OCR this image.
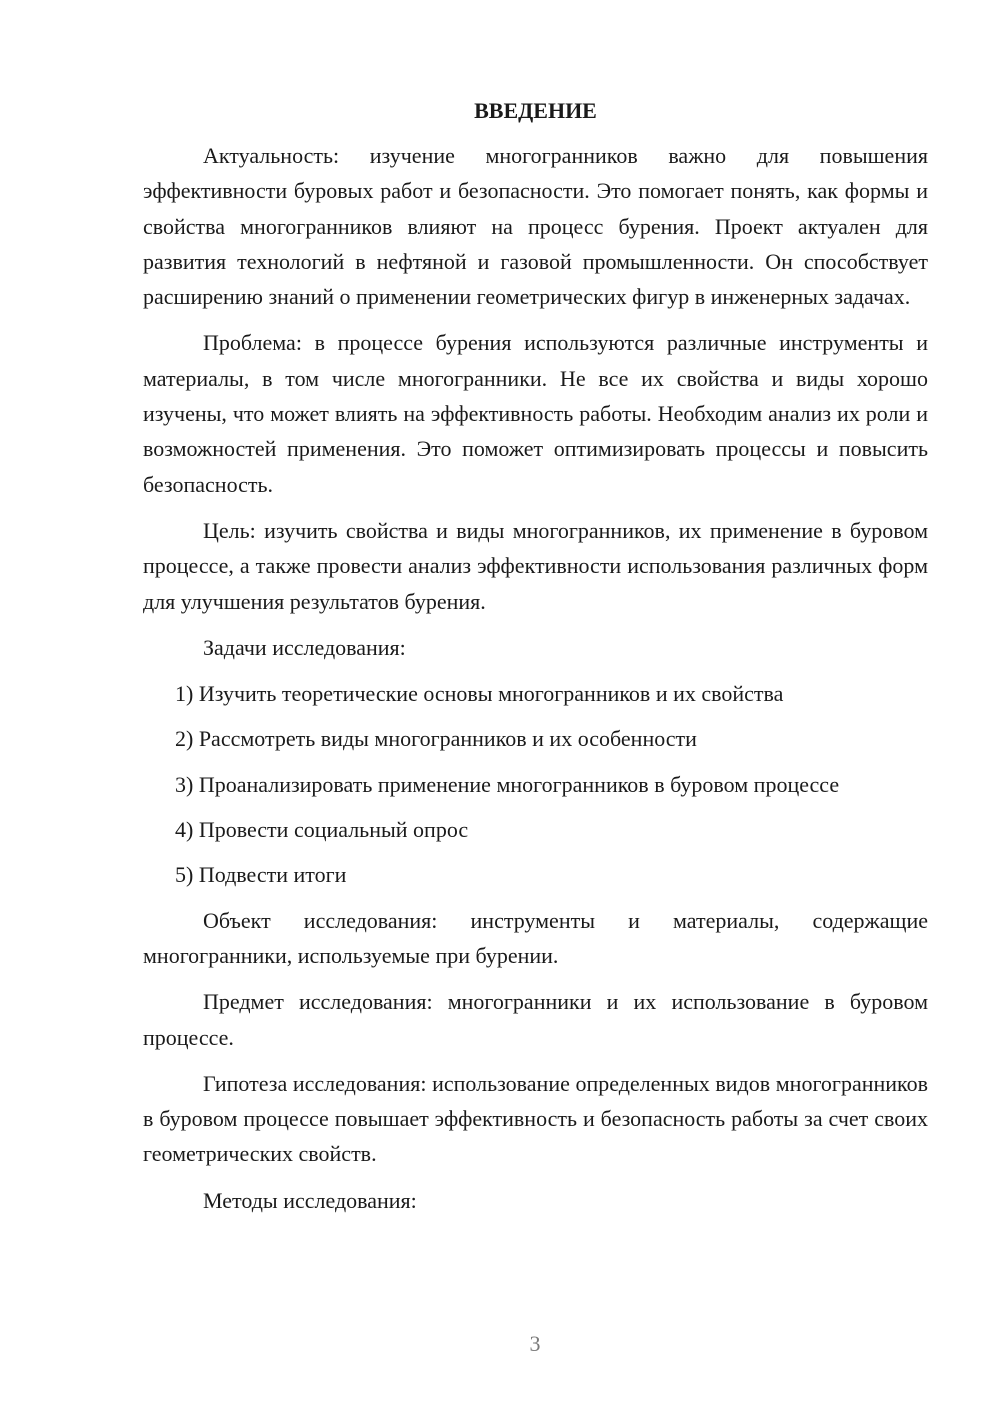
ВВЕДЕНИЕ

Актуальность: изучение многогранников важно для повышения эффективности буровых работ и безопасности. Это помогает понять, как формы и свойства многогранников влияют на процесс бурения. Проект актуален для развития технологий в нефтяной и газовой промышленности. Он способствует расширению знаний о применении геометрических фигур в инженерных задачах.

Проблема: в процессе бурения используются различные инструменты и материалы, в том числе многогранники. Не все их свойства и виды хорошо изучены, что может влиять на эффективность работы. Необходим анализ их роли и возможностей применения. Это поможет оптимизировать процессы и повысить безопасность.

Цель: изучить свойства и виды многогранников, их применение в буровом процессе, а также провести анализ эффективности использования различных форм для улучшения результатов бурения.

Задачи исследования:

1) Изучить теоретические основы многогранников и их свойства

2) Рассмотреть виды многогранников и их особенности

3) Проанализировать применение многогранников в буровом процессе

4) Провести социальный опрос

5) Подвести итоги

Объект исследования: инструменты и материалы, содержащие многогранники, используемые при бурении.

Предмет исследования: многогранники и их использование в буровом процессе.

Гипотеза исследования: использование определенных видов многогранников в буровом процессе повышает эффективность и безопасность работы за счет своих геометрических свойств.

Методы исследования:

3
